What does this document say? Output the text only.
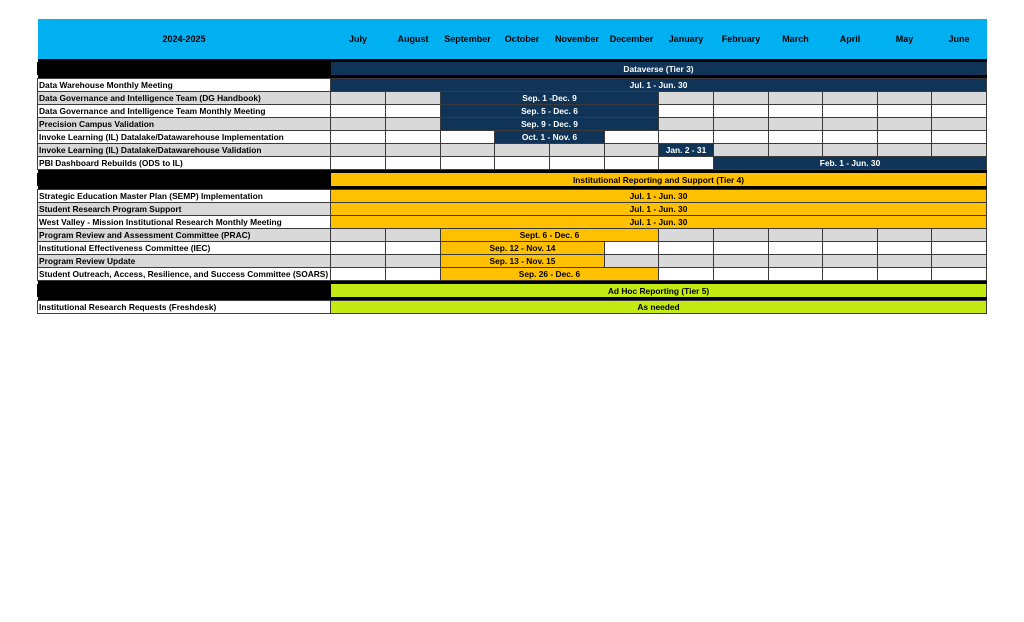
2024-2025	July	August	September	October	November	December	January	February	March	April	May	June

	Dataverse (Tier 3)											

Data Warehouse Monthly Meeting	Jul. 1 - Jun. 30											
Data Governance and Intelligence Team (DG Handbook)			Sep. 1 -Dec. 9									
Data Governance and Intelligence Team Monthly Meeting			Sep. 5 - Dec. 6									
Precision Campus Validation			Sep. 9 - Dec. 9									
Invoke Learning (IL) Datalake/Datawarehouse Implementation				Oct. 1 - Nov. 6								
Invoke Learning (IL) Datalake/Datawarehouse Validation							Jan. 2 - 31					
PBI Dashboard Rebuilds (ODS to IL)								Feb. 1 - Jun. 30				

	Institutional Reporting and Support (Tier 4)											

Strategic Education Master Plan (SEMP) Implementation	Jul. 1 - Jun. 30											
Student Research Program Support	Jul. 1 - Jun. 30											
West Valley - Mission Institutional Research Monthly Meeting	Jul. 1 - Jun. 30											
Program Review and Assessment Committee (PRAC)			Sept. 6 - Dec. 6									
Institutional Effectiveness Committee (IEC)			Sep. 12 - Nov. 14									
Program Review Update			Sep. 13 - Nov. 15									
Student Outreach, Access, Resilience, and Success Committee (SOARS)			Sep. 26 - Dec. 6									

	Ad Hoc Reporting (Tier 5)											

Institutional Research Requests (Freshdesk)	As needed											
